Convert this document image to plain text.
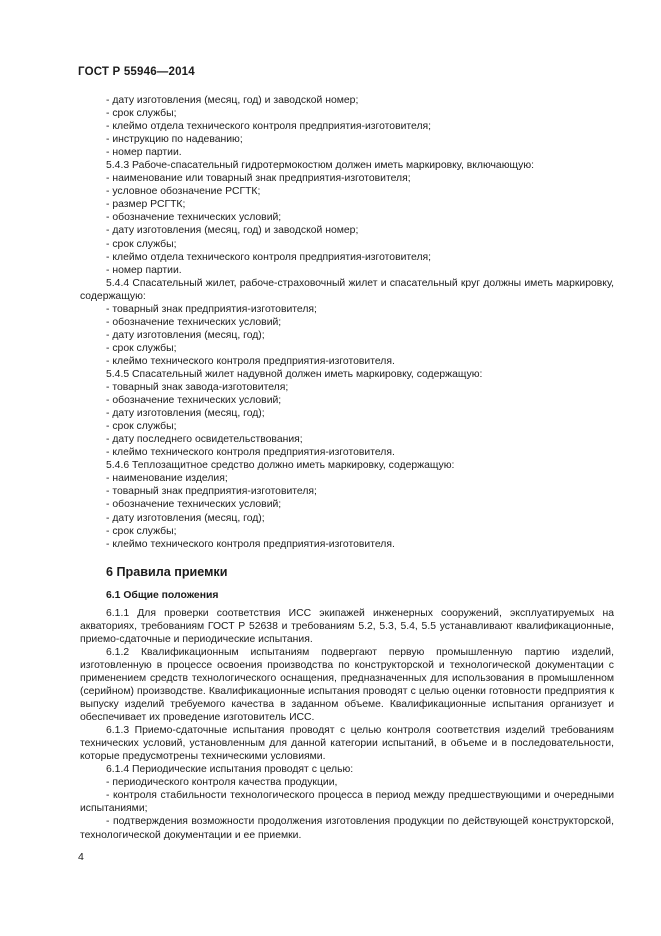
ГОСТ Р 55946—2014

- дату изготовления (месяц, год) и заводской номер;

- срок службы;

- клеймо отдела технического контроля предприятия-изготовителя;

- инструкцию по надеванию;

- номер партии.

5.4.3 Рабоче-спасательный гидротермокостюм должен иметь маркировку, включающую:

- наименование или товарный знак предприятия-изготовителя;

- условное обозначение РСГТК;

- размер РСГТК;

- обозначение технических условий;

- дату изготовления (месяц, год) и заводской номер;

- срок службы;

- клеймо отдела технического контроля предприятия-изготовителя;

- номер партии.

5.4.4 Спасательный жилет, рабоче-страховочный жилет и спасательный круг должны иметь маркировку, содержащую:

- товарный знак предприятия-изготовителя;

- обозначение технических условий;

- дату изготовления (месяц, год);

- срок службы;

- клеймо технического контроля предприятия-изготовителя.

5.4.5 Спасательный жилет надувной должен иметь маркировку, содержащую:

- товарный знак завода-изготовителя;

- обозначение технических условий;

- дату изготовления (месяц, год);

- срок службы;

- дату последнего освидетельствования;

- клеймо технического контроля предприятия-изготовителя.

5.4.6 Теплозащитное средство должно иметь маркировку, содержащую:

- наименование изделия;

- товарный знак предприятия-изготовителя;

- обозначение технических условий;

- дату изготовления (месяц, год);

- срок службы;

- клеймо технического контроля предприятия-изготовителя.

6 Правила приемки

6.1 Общие положения

6.1.1 Для проверки соответствия ИСС экипажей инженерных сооружений, эксплуатируемых на акваториях, требованиям ГОСТ Р 52638 и требованиям 5.2, 5.3, 5.4, 5.5 устанавливают квалификационные, приемо-сдаточные и периодические испытания.

6.1.2 Квалификационным испытаниям подвергают первую промышленную партию изделий, изготовленную в процессе освоения производства по конструкторской и технологической документации с применением средств технологического оснащения, предназначенных для использования в промышленном (серийном) производстве. Квалификационные испытания проводят с целью оценки готовности предприятия к выпуску изделий требуемого качества в заданном объеме. Квалификационные испытания организует и обеспечивает их проведение изготовитель ИСС.

6.1.3 Приемо-сдаточные испытания проводят с целью контроля соответствия изделий требованиям технических условий, установленным для данной категории испытаний, в объеме и в последовательности, которые предусмотрены техническими условиями.

6.1.4 Периодические испытания проводят с целью:

- периодического контроля качества продукции,

- контроля стабильности технологического процесса в период между предшествующими и очередными испытаниями;

- подтверждения возможности продолжения изготовления продукции по действующей конструкторской, технологической документации и ее приемки.

4
